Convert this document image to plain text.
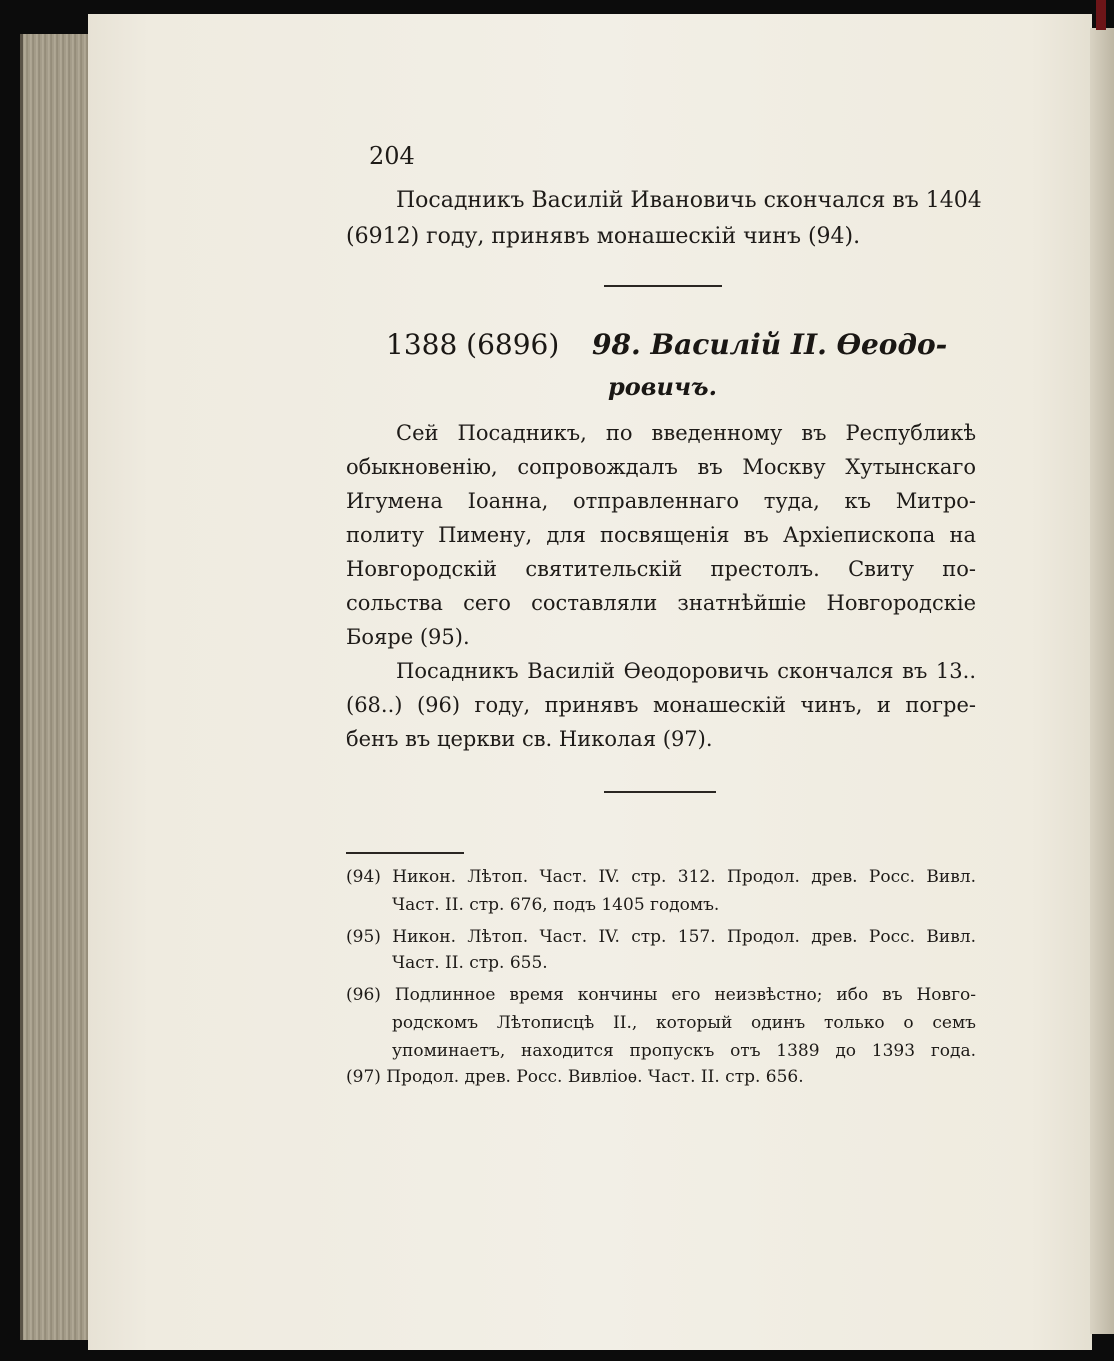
204
Посадникъ Василій Ивановичь скончался въ 1404
(6912) году, принявъ монашескій чинъ (94).
1388 (6896) 98. Василій II. Ѳеодо-
ровичъ.
Сей Посадникъ, по введенному въ Республикѣ
обыкновенію, сопровождалъ въ Москву Хутынскаго
Игумена Іоанна, отправленнаго туда, къ Митро-
политу Пимену, для посвященія въ Архіепископа на
Новгородскій святительскій престолъ. Свиту по-
сольства сего составляли знатнѣйшіе Новгородскіе
Бояре (95).
Посадникъ Василій Ѳеодоровичь скончался въ 13..
(68..) (96) году, принявъ монашескій чинъ, и погре-
бенъ въ церкви св. Николая (97).
(94) Никон. Лѣтоп. Част. IV. стр. 312. Продол. древ. Росс. Вивл.
Част. II. стр. 676, подъ 1405 годомъ.
(95) Никон. Лѣтоп. Част. IV. стр. 157. Продол. древ. Росс. Вивл.
Част. II. стр. 655.
(96) Подлинное время кончины его неизвѣстно; ибо въ Новго-
родскомъ Лѣтописцѣ II., который одинъ только о семъ
упоминаетъ, находится пропускъ отъ 1389 до 1393 года.
(97) Продол. древ. Росс. Вивліоѳ. Част. II. стр. 656.
